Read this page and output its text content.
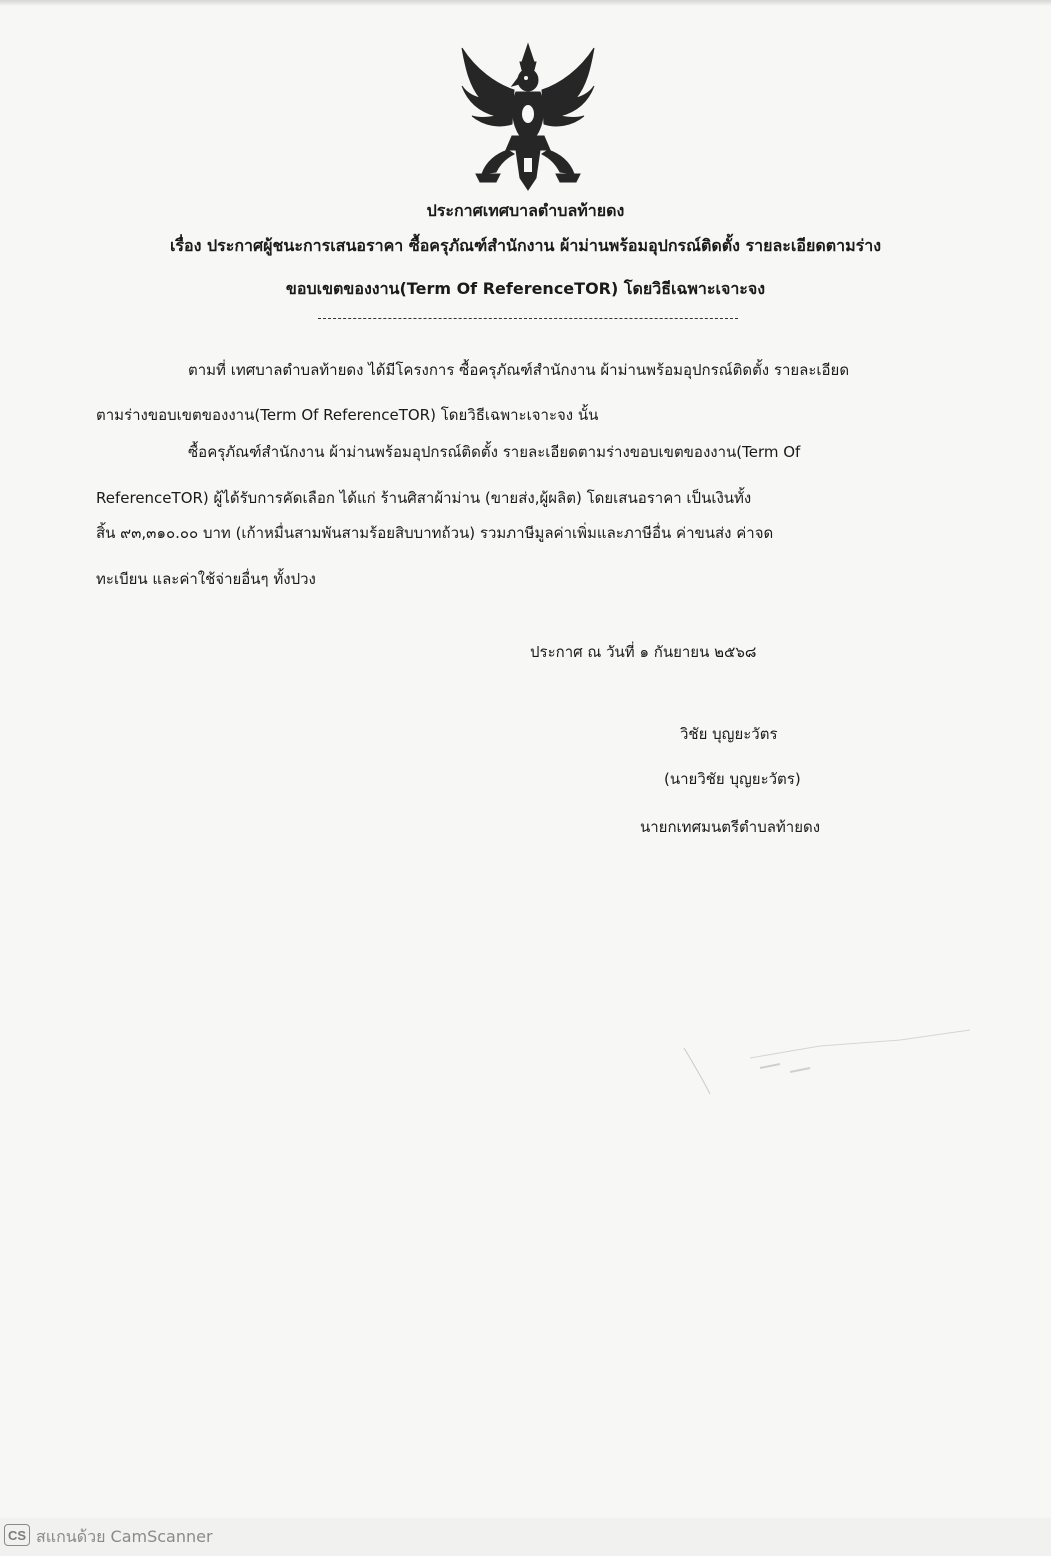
ประกาศเทศบาลตำบลท้ายดง
เรื่อง ประกาศผู้ชนะการเสนอราคา ซื้อครุภัณฑ์สำนักงาน ผ้าม่านพร้อมอุปกรณ์ติดตั้ง รายละเอียดตามร่าง
ขอบเขตของงาน(Term Of ReferenceTOR) โดยวิธีเฉพาะเจาะจง
ตามที่ เทศบาลตำบลท้ายดง ได้มีโครงการ ซื้อครุภัณฑ์สำนักงาน ผ้าม่านพร้อมอุปกรณ์ติดตั้ง รายละเอียด
ตามร่างขอบเขตของงาน(Term Of ReferenceTOR) โดยวิธีเฉพาะเจาะจง นั้น
ซื้อครุภัณฑ์สำนักงาน ผ้าม่านพร้อมอุปกรณ์ติดตั้ง รายละเอียดตามร่างขอบเขตของงาน(Term Of
ReferenceTOR) ผู้ได้รับการคัดเลือก ได้แก่ ร้านศิสาผ้าม่าน (ขายส่ง,ผู้ผลิต) โดยเสนอราคา เป็นเงินทั้ง
สิ้น ๙๓,๓๑๐.๐๐ บาท (เก้าหมื่นสามพันสามร้อยสิบบาทถ้วน) รวมภาษีมูลค่าเพิ่มและภาษีอื่น ค่าขนส่ง ค่าจด
ทะเบียน และค่าใช้จ่ายอื่นๆ ทั้งปวง
ประกาศ ณ วันที่ ๑ กันยายน ๒๕๖๘
วิชัย บุญยะวัตร
(นายวิชัย บุญยะวัตร)
นายกเทศมนตรีตำบลท้ายดง
CS สแกนด้วย CamScanner
